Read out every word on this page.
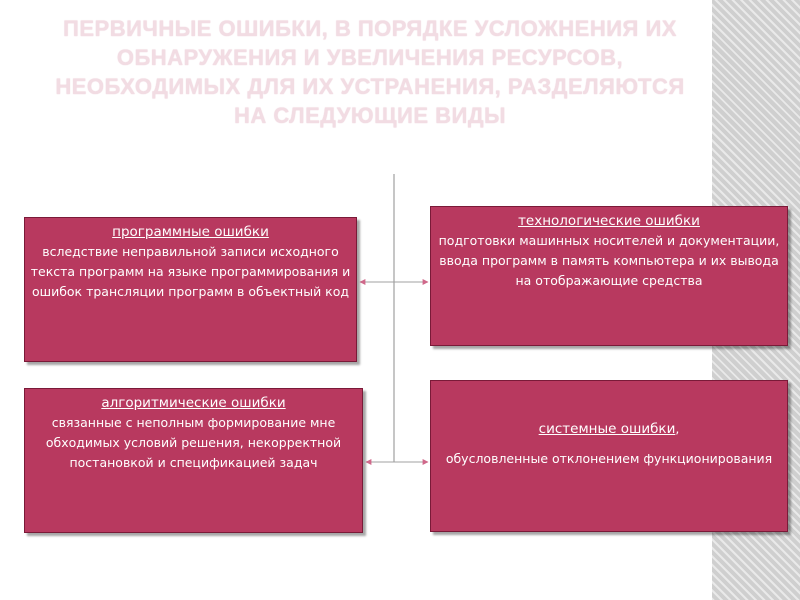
ПЕРВИЧНЫЕ ОШИБКИ, В ПОРЯДКЕ УСЛОЖНЕНИЯ ИХ ОБНАРУЖЕНИЯ И УВЕЛИЧЕНИЯ РЕСУРСОВ, НЕОБХОДИМЫХ ДЛЯ ИХ УСТРАНЕНИЯ, РАЗДЕЛЯЮТСЯ НА СЛЕДУЮЩИЕ ВИДЫ
программные ошибки
вследствие неправильной записи исходного текста программ на языке программирования и ошибок трансляции программ в объектный код
технологические ошибки
подготовки машинных носителей и документации, ввода программ в память компьютера и их вывода на отображающие средства
алгоритмические ошибки
связанные с неполным формирование мне обходимых условий решения, некорректной постановкой и спецификацией задач
системные ошибки,
обусловленные отклонением функционирования
